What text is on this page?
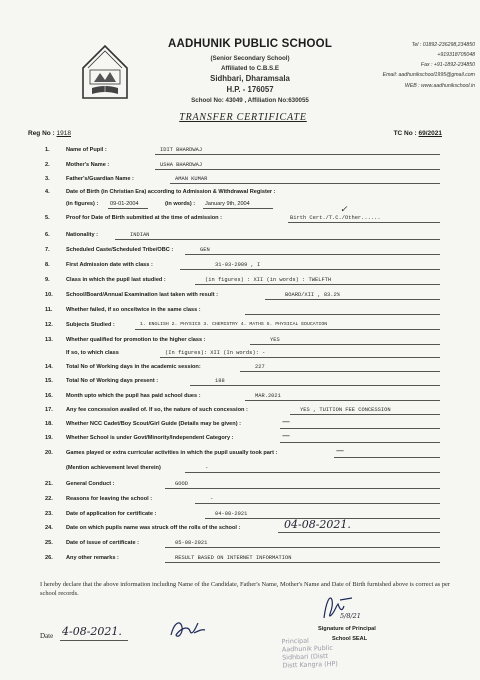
AADHUNIK PUBLIC SCHOOL
(Senior Secondary School)
Affiliated to C.B.S.E
Sidhbari, Dharamsala
H.P. - 176057
School No: 43049 , Affiliation No:630055
Tel : 01892-236298,234850
+919318705048
Fax : +91-1892-234850
Email: aadhunikschool1995@gmail.com
WEB : www.aadhunikschool.in
TRANSFER CERTIFICATE
Reg No : 1918	TC No : 69/2021
1.	Name of Pupil :	IDIT BHARDWAJ
2.	Mother's Name :	USHA BHARDWAJ
3.	Father's/Guardian Name :	AMAN KUMAR
4.	Date of Birth (in Christian Era) according to Admission & Withdrawal Register :
(in figures) : 09-01-2004	(in words) : January 9th, 2004
5.	Proof for Date of Birth submitted at the time of admission :	Birth Cert./T.C./Other......
✓
6.	Nationality :	INDIAN
7.	Scheduled Caste/Scheduled Tribe/OBC :	GEN
8.	First Admission date with class :	31-03-2009 , I
9.	Class in which the pupil last studied :	(in figures) : XII (in words) : TWELFTH
10. School/Board/Annual Examination last taken with result :	BOARD/XII , 83.2%
11. Whether failed, if so once/twice in the same class :
12. Subjects Studied :	1. ENGLISH 2. PHYSICS 3. CHEMISTRY 4. MATHS 5. PHYSICAL EDUCATION
13. Whether qualified for promotion to the higher class :	YES
If so, to which class	(In figures): XII (In words): -
14. Total No of Working days in the academic session:	227
15. Total No of Working days present :	188
16. Month upto which the pupil has paid school dues :	MAR.2021
17. Any fee concession availed of. If so, the nature of such concession :	YES , TUITION FEE CONCESSION
18. Whether NCC Cadet/Boy Scout/Girl Guide (Details may be given) :	—
19. Whether School is under Govt/Minority/Independent Category :	—
20. Games played or extra curricular activities in which the pupil usually took part :	—
(Mention achievement level therein)	-
21. General Conduct :	GOOD
22. Reasons for leaving the school :	-
23. Date of application for certificate :	04-08-2021
24. Date on which pupils name was struck off the rolls of the school :	04-08-2021.
25. Date of issue of certificate :	05-08-2021
26. Any other remarks :	RESULT BASED ON INTERNET INFORMATION
I hereby declare that the above information including Name of the Candidate, Father's Name, Mother's Name and Date of Birth furnished above is correct as per school records.
Date 4-08-2021.
5/8/21
Signature of Principal
School SEAL
Principal
Aadhunik Public
Sidhbari (Distt
Distt Kangra (HP)
